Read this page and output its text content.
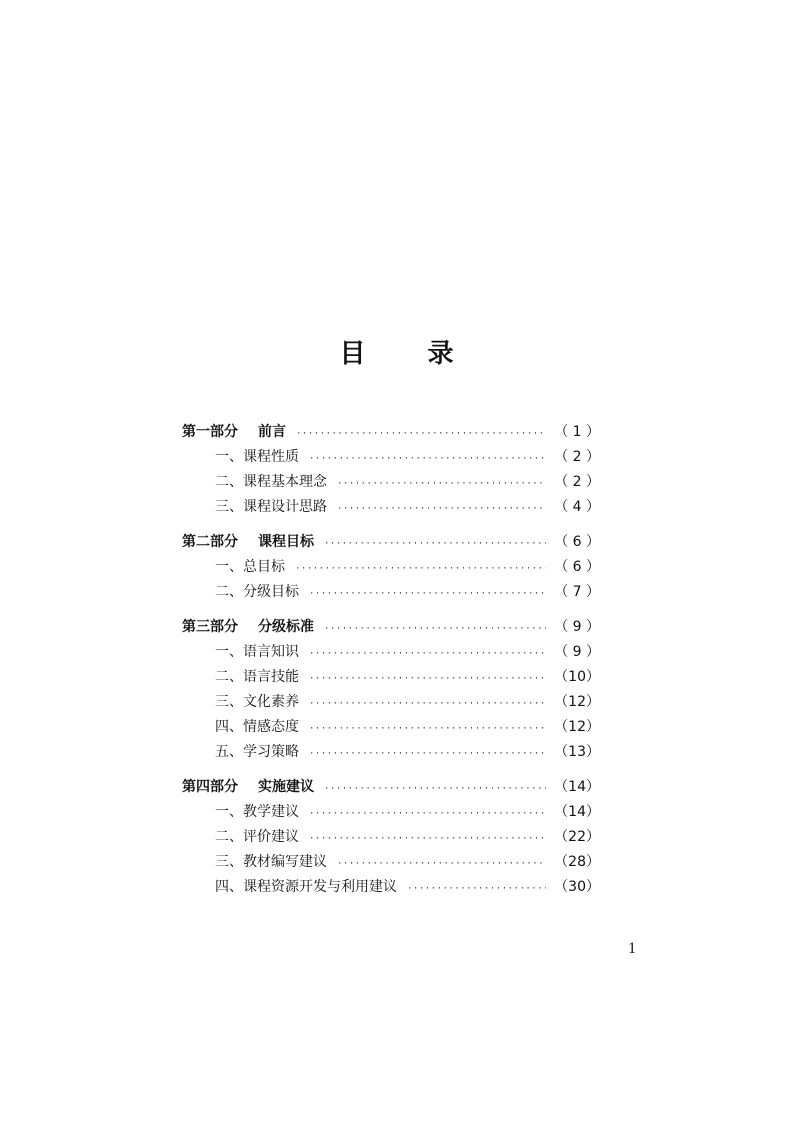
目 录
第一部分 前言 ·····	（ 1 ）
一、课程性质 ·····	（ 2 ）
二、课程基本理念 ·····	（ 2 ）
三、课程设计思路 ·····	（ 4 ）
第二部分 课程目标 ·····	（ 6 ）
一、总目标 ·····	（ 6 ）
二、分级目标 ·····	（ 7 ）
第三部分 分级标准 ·····	（ 9 ）
一、语言知识 ·····	（ 9 ）
二、语言技能 ·····	（10）
三、文化素养 ·····	（12）
四、情感态度 ·····	（12）
五、学习策略 ·····	（13）
第四部分 实施建议 ·····	（14）
一、教学建议 ·····	（14）
二、评价建议 ·····	（22）
三、教材编写建议 ·····	（28）
四、课程资源开发与利用建议 ·····	（30）
1
